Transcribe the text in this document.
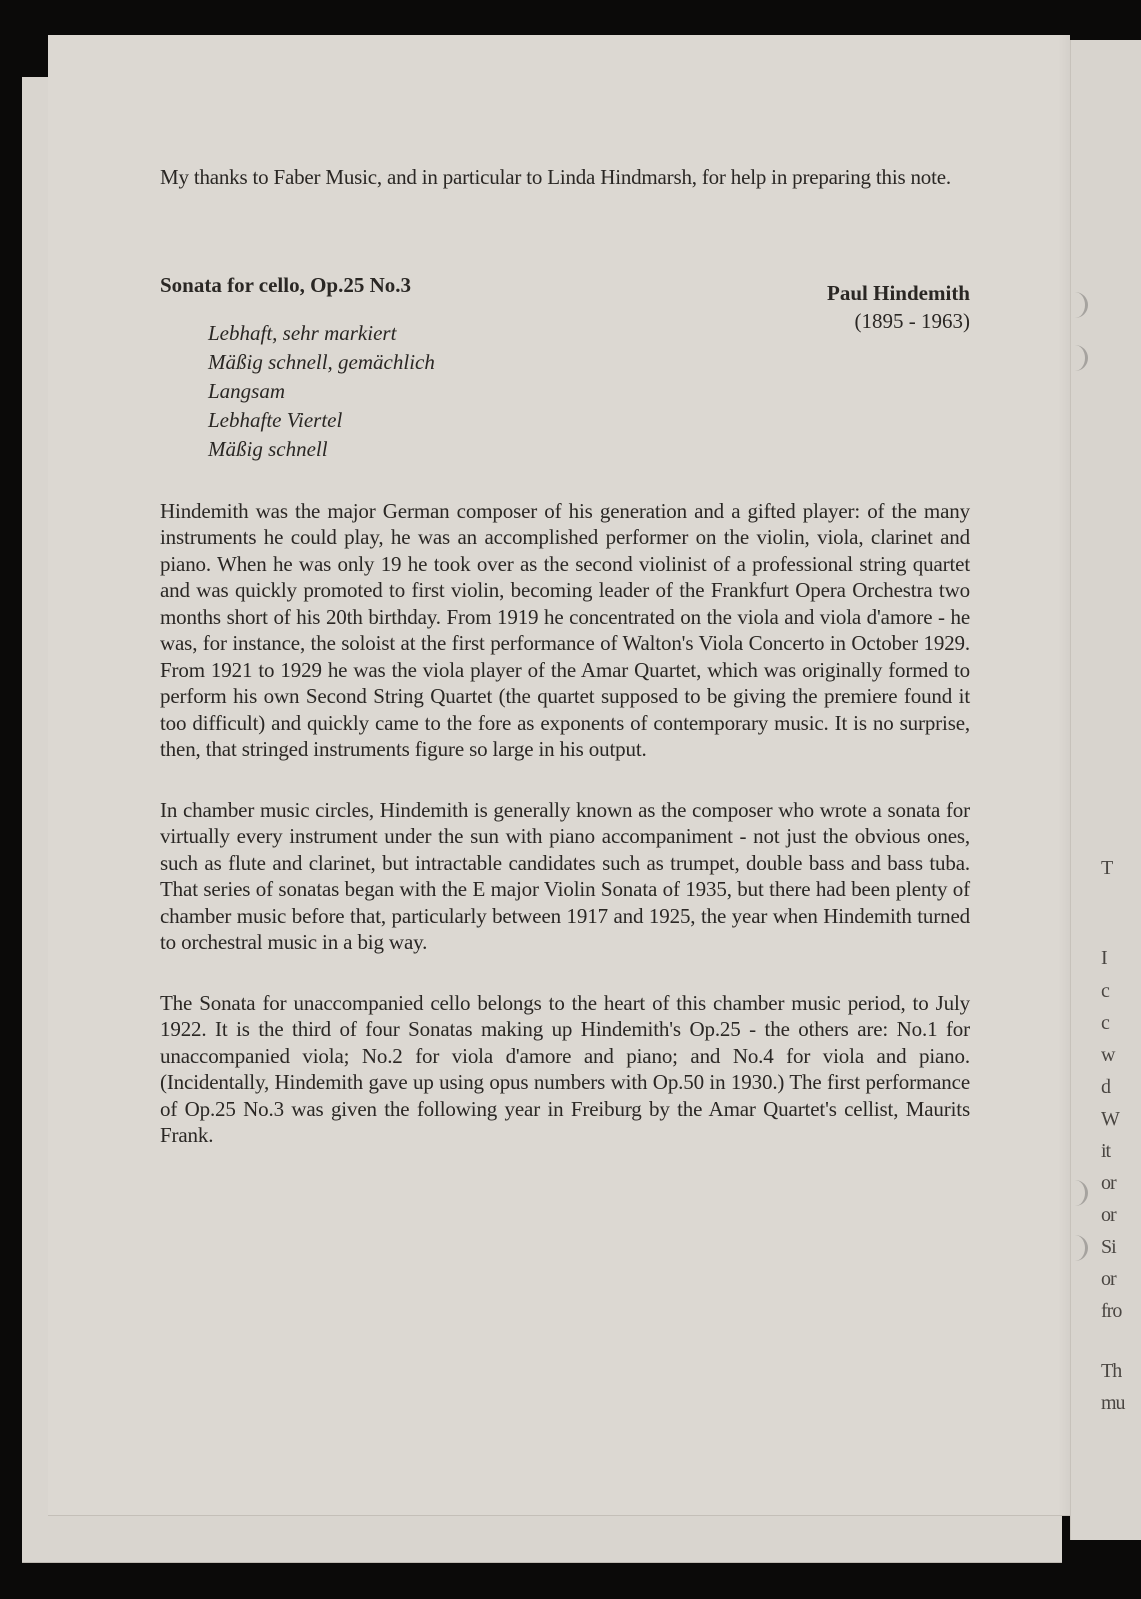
My thanks to Faber Music, and in particular to Linda Hindmarsh, for help in preparing this note.

Sonata for cello, Op.25 No.3	Paul Hindemith
(1895 - 1963)
Lebhaft, sehr markiert
Mäßig schnell, gemächlich
Langsam
Lebhafte Viertel
Mäßig schnell

Hindemith was the major German composer of his generation and a gifted player: of the many instruments he could play, he was an accomplished performer on the violin, viola, clarinet and piano. When he was only 19 he took over as the second violinist of a professional string quartet and was quickly promoted to first violin, becoming leader of the Frankfurt Opera Orchestra two months short of his 20th birthday. From 1919 he concentrated on the viola and viola d'amore - he was, for instance, the soloist at the first performance of Walton's Viola Concerto in October 1929. From 1921 to 1929 he was the viola player of the Amar Quartet, which was originally formed to perform his own Second String Quartet (the quartet supposed to be giving the premiere found it too difficult) and quickly came to the fore as exponents of contemporary music. It is no surprise, then, that stringed instruments figure so large in his output.

In chamber music circles, Hindemith is generally known as the composer who wrote a sonata for virtually every instrument under the sun with piano accompaniment - not just the obvious ones, such as flute and clarinet, but intractable candidates such as trumpet, double bass and bass tuba. That series of sonatas began with the E major Violin Sonata of 1935, but there had been plenty of chamber music before that, particularly between 1917 and 1925, the year when Hindemith turned to orchestral music in a big way.

The Sonata for unaccompanied cello belongs to the heart of this chamber music period, to July 1922. It is the third of four Sonatas making up Hindemith's Op.25 - the others are: No.1 for unaccompanied viola; No.2 for viola d'amore and piano; and No.4 for viola and piano. (Incidentally, Hindemith gave up using opus numbers with Op.50 in 1930.) The first performance of Op.25 No.3 was given the following year in Freiburg by the Amar Quartet's cellist, Maurits Frank.

T
I
c
c
w
d
W
it
or
or
Si
or
fro
Th
mu
